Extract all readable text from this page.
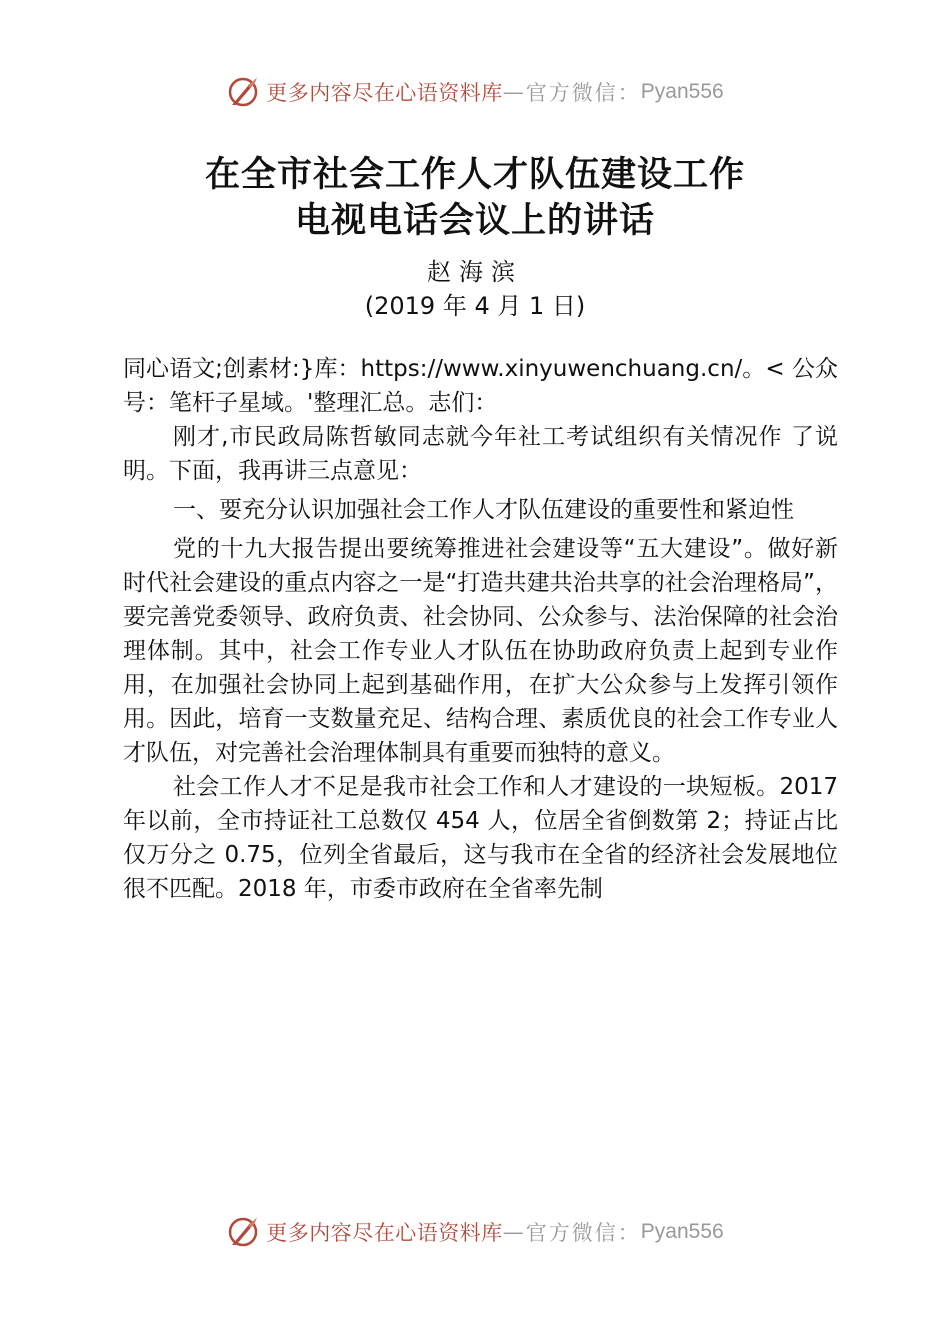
更多内容尽在心语资料库 — 官方微信： Pyan556
在全市社会工作人才队伍建设工作
电视电话会议上的讲话
赵海滨
(2019 年 4 月 1 日)

同心语文;创素材:}库：https://www.xinyuwenchuang.cn/。< 公众号：笔杆子星域。'整理汇总。志们：

刚才,市民政局陈哲敏同志就今年社工考试组织有关情况作 了说明。下面，我再讲三点意见：

一、要充分认识加强社会工作人才队伍建设的重要性和紧迫性

党的十九大报告提出要统筹推进社会建设等“五大建设”。做好新时代社会建设的重点内容之一是“打造共建共治共享的社会治理格局”，要完善党委领导、政府负责、社会协同、公众参与、法治保障的社会治理体制。其中，社会工作专业人才队伍在协助政府负责上起到专业作用，在加强社会协同上起到基础作用，在扩大公众参与上发挥引领作用。因此，培育一支数量充足、结构合理、素质优良的社会工作专业人才队伍，对完善社会治理体制具有重要而独特的意义。

社会工作人才不足是我市社会工作和人才建设的一块短板。2017 年以前，全市持证社工总数仅 454 人，位居全省倒数第 2；持证占比仅万分之 0.75，位列全省最后，这与我市在全省的经济社会发展地位很不匹配。2018 年，市委市政府在全省率先制

更多内容尽在心语资料库 — 官方微信： Pyan556
